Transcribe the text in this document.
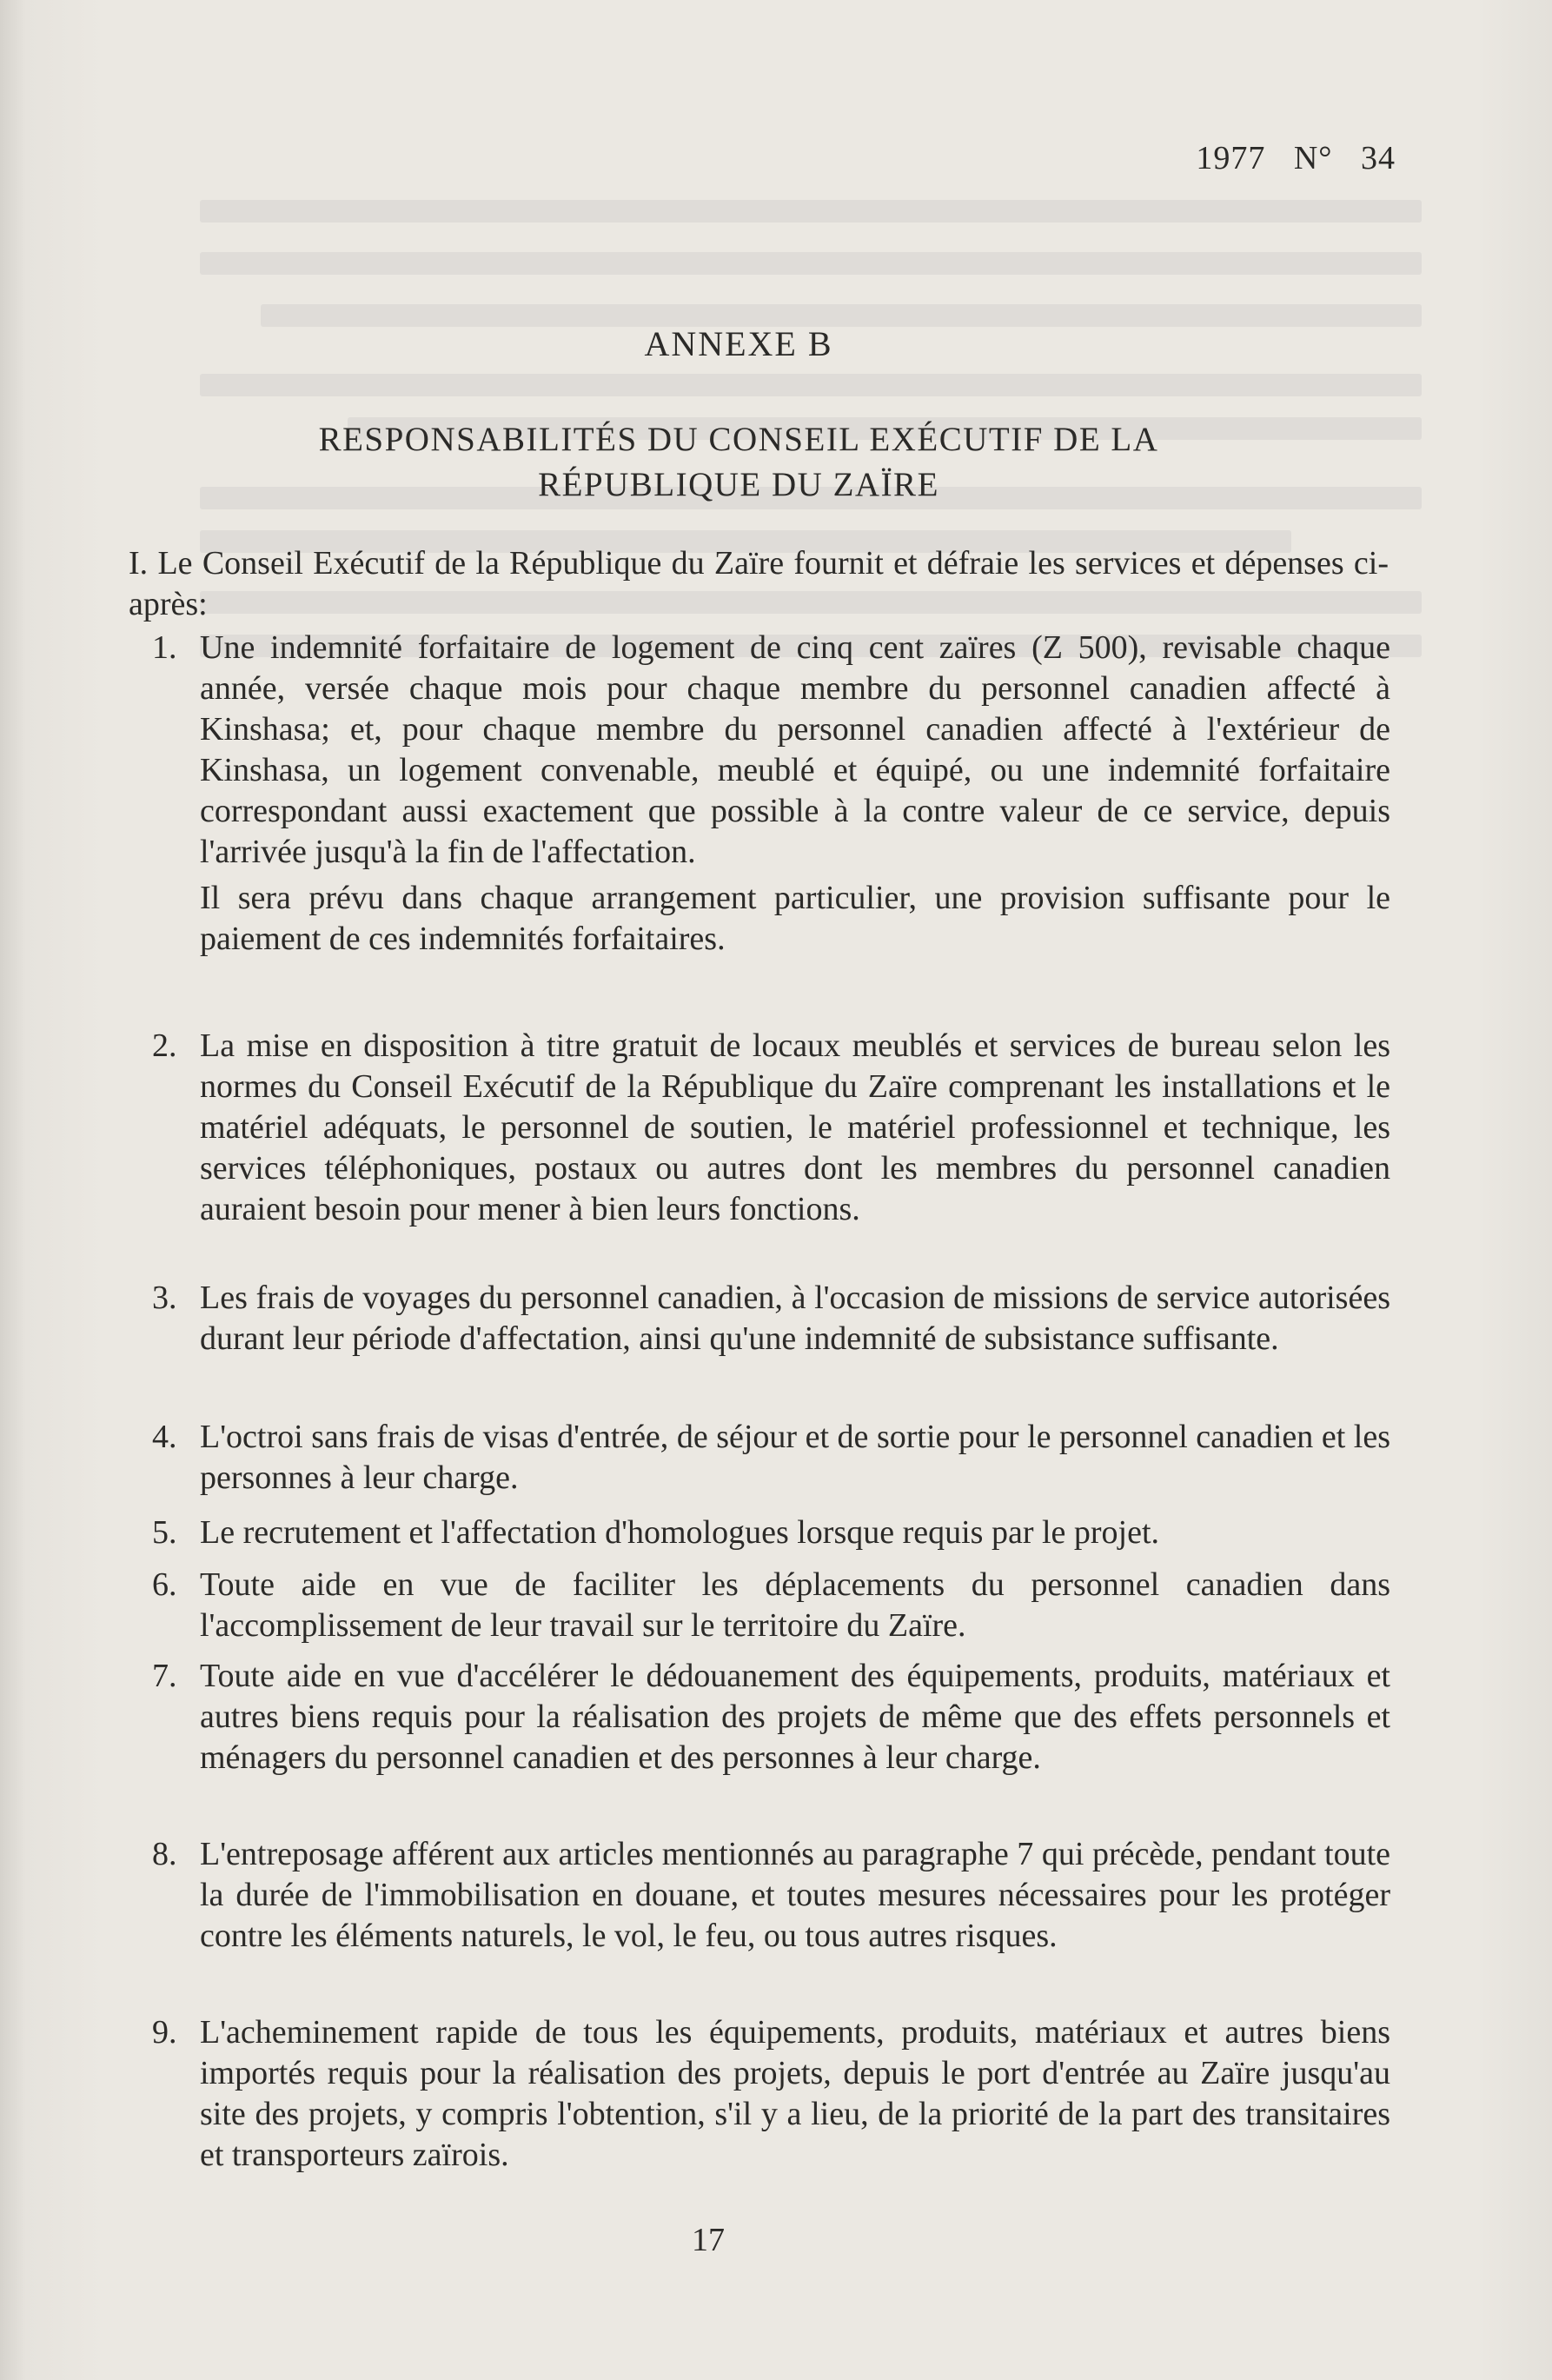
1977 N° 34
ANNEXE B
RESPONSABILITÉS DU CONSEIL EXÉCUTIF DE LA
RÉPUBLIQUE DU ZAÏRE
I. Le Conseil Exécutif de la République du Zaïre fournit et défraie les services et dépenses ci-après:
1. Une indemnité forfaitaire de logement de cinq cent zaïres (Z 500), revisable chaque année, versée chaque mois pour chaque membre du personnel canadien affecté à Kinshasa; et, pour chaque membre du personnel canadien affecté à l'extérieur de Kinshasa, un logement convenable, meublé et équipé, ou une indemnité forfaitaire correspondant aussi exactement que possible à la contre valeur de ce service, depuis l'arrivée jusqu'à la fin de l'affectation.
Il sera prévu dans chaque arrangement particulier, une provision suffisante pour le paiement de ces indemnités forfaitaires.
2. La mise en disposition à titre gratuit de locaux meublés et services de bureau selon les normes du Conseil Exécutif de la République du Zaïre comprenant les installations et le matériel adéquats, le personnel de soutien, le matériel professionnel et technique, les services téléphoniques, postaux ou autres dont les membres du personnel canadien auraient besoin pour mener à bien leurs fonctions.
3. Les frais de voyages du personnel canadien, à l'occasion de missions de service autorisées durant leur période d'affectation, ainsi qu'une indemnité de subsistance suffisante.
4. L'octroi sans frais de visas d'entrée, de séjour et de sortie pour le personnel canadien et les personnes à leur charge.
5. Le recrutement et l'affectation d'homologues lorsque requis par le projet.
6. Toute aide en vue de faciliter les déplacements du personnel canadien dans l'accomplissement de leur travail sur le territoire du Zaïre.
7. Toute aide en vue d'accélérer le dédouanement des équipements, produits, matériaux et autres biens requis pour la réalisation des projets de même que des effets personnels et ménagers du personnel canadien et des personnes à leur charge.
8. L'entreposage afférent aux articles mentionnés au paragraphe 7 qui précède, pendant toute la durée de l'immobilisation en douane, et toutes mesures nécessaires pour les protéger contre les éléments naturels, le vol, le feu, ou tous autres risques.
9. L'acheminement rapide de tous les équipements, produits, matériaux et autres biens importés requis pour la réalisation des projets, depuis le port d'entrée au Zaïre jusqu'au site des projets, y compris l'obtention, s'il y a lieu, de la priorité de la part des transitaires et transporteurs zaïrois.
17
